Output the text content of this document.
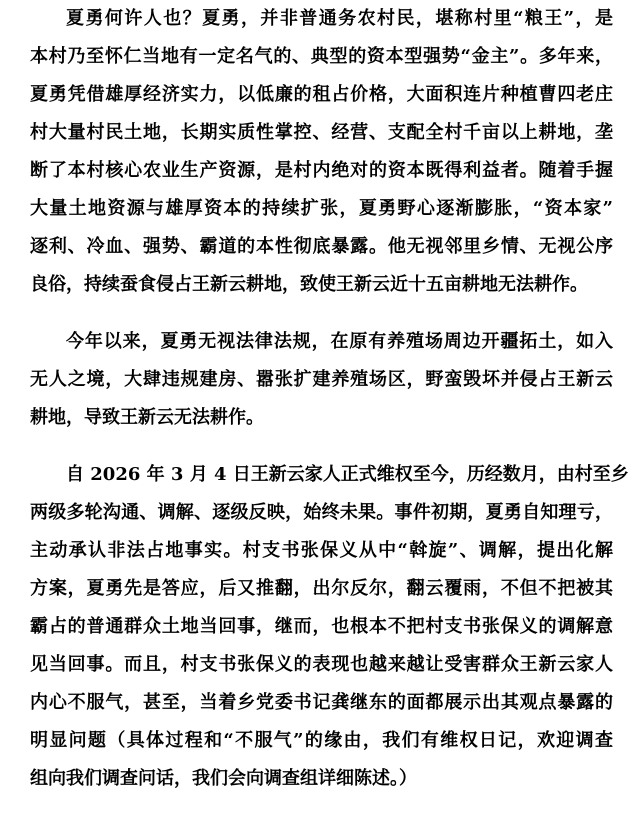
夏勇何许人也？夏勇，并非普通务农村民，堪称村里“粮王”，是
本村乃至怀仁当地有一定名气的、典型的资本型强势“金主”。多年来，
夏勇凭借雄厚经济实力，以低廉的租占价格，大面积连片种植曹四老庄
村大量村民土地，长期实质性掌控、经营、支配全村千亩以上耕地，垄
断了本村核心农业生产资源，是村内绝对的资本既得利益者。随着手握
大量土地资源与雄厚资本的持续扩张，夏勇野心逐渐膨胀，“资本家”
逐利、冷血、强势、霸道的本性彻底暴露。他无视邻里乡情、无视公序
良俗，持续蚕食侵占王新云耕地，致使王新云近十五亩耕地无法耕作。
今年以来，夏勇无视法律法规，在原有养殖场周边开疆拓土，如入
无人之境，大肆违规建房、嚣张扩建养殖场区，野蛮毁坏并侵占王新云
耕地，导致王新云无法耕作。
自 2026 年 3 月 4 日王新云家人正式维权至今，历经数月，由村至乡
两级多轮沟通、调解、逐级反映，始终未果。事件初期，夏勇自知理亏，
主动承认非法占地事实。村支书张保义从中“斡旋”、调解，提出化解
方案，夏勇先是答应，后又推翻，出尔反尔，翻云覆雨，不但不把被其
霸占的普通群众土地当回事，继而，也根本不把村支书张保义的调解意
见当回事。而且，村支书张保义的表现也越来越让受害群众王新云家人
内心不服气，甚至，当着乡党委书记龚继东的面都展示出其观点暴露的
明显问题（具体过程和“不服气”的缘由，我们有维权日记，欢迎调查
组向我们调查问话，我们会向调查组详细陈述。）
